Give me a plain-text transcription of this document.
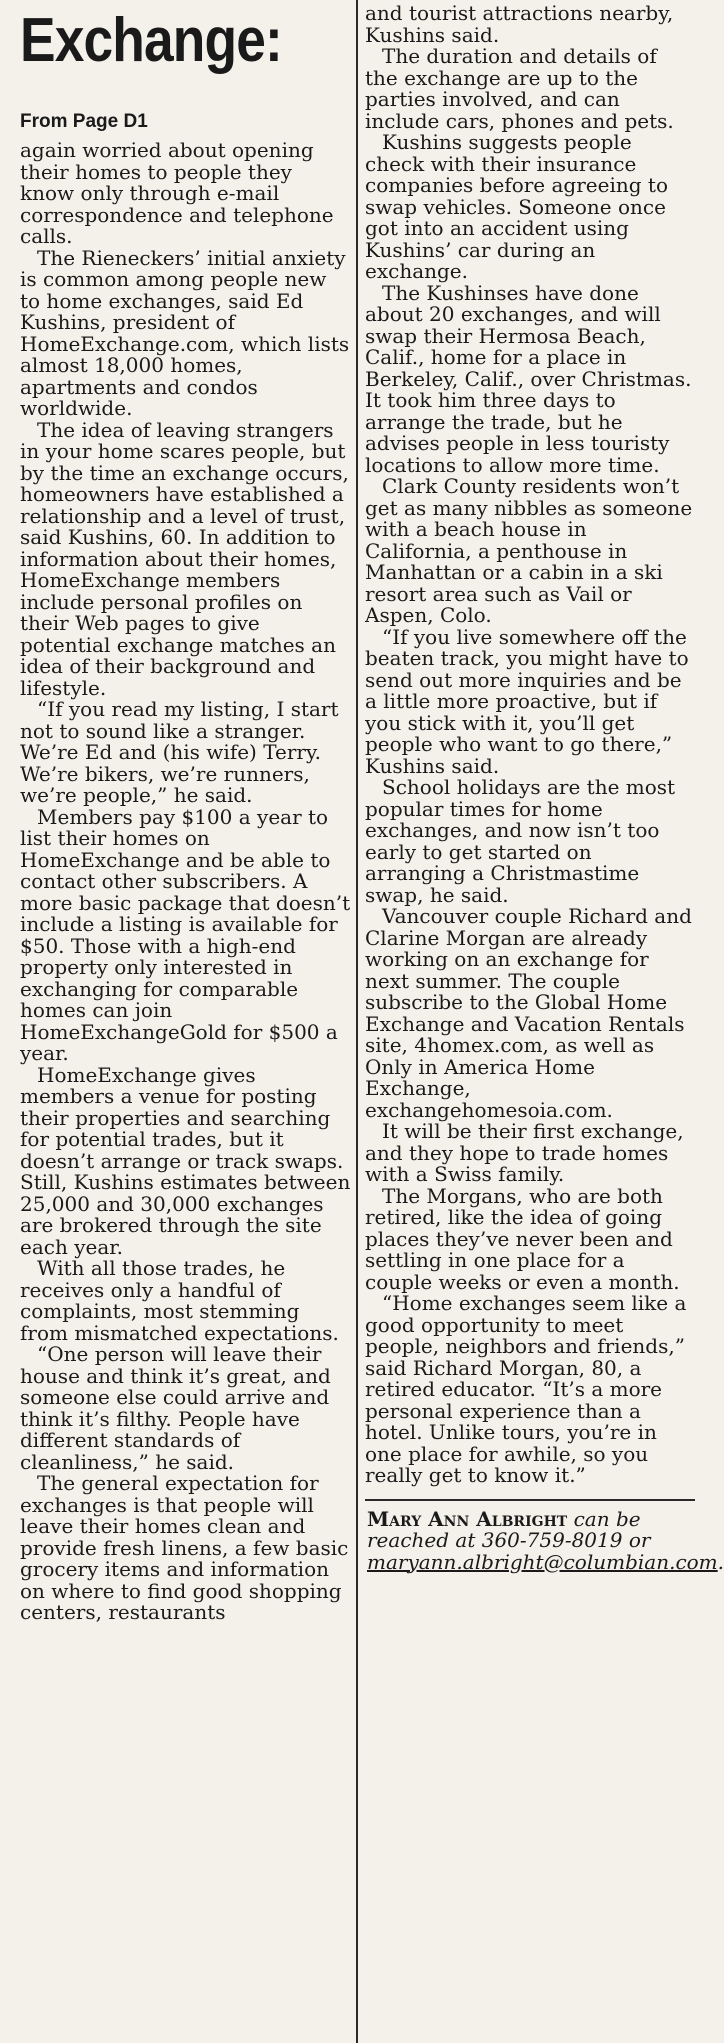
Exchange:
From Page D1

again worried about opening their homes to people they know only through e-mail correspondence and telephone calls.

The Rieneckers’ initial anxiety is common among people new to home exchanges, said Ed Kushins, president of HomeExchange.com, which lists almost 18,000 homes, apartments and condos worldwide.

The idea of leaving strangers in your home scares people, but by the time an exchange occurs, homeowners have established a relationship and a level of trust, said Kushins, 60. In addition to information about their homes, HomeExchange members include personal profiles on their Web pages to give potential exchange matches an idea of their background and lifestyle.

“If you read my listing, I start not to sound like a stranger. We’re Ed and (his wife) Terry. We’re bikers, we’re runners, we’re people,” he said.

Members pay $100 a year to list their homes on HomeExchange and be able to contact other subscribers. A more basic package that doesn’t include a listing is available for $50. Those with a high-end property only interested in exchanging for comparable homes can join HomeExchangeGold for $500 a year.

HomeExchange gives members a venue for posting their properties and searching for potential trades, but it doesn’t arrange or track swaps. Still, Kushins estimates between 25,000 and 30,000 exchanges are brokered through the site each year.

With all those trades, he receives only a handful of complaints, most stemming from mismatched expectations.

“One person will leave their house and think it’s great, and someone else could arrive and think it’s filthy. People have different standards of cleanliness,” he said.

The general expectation for exchanges is that people will leave their homes clean and provide fresh linens, a few basic grocery items and information on where to find good shopping centers, restaurants

and tourist attractions nearby, Kushins said.

The duration and details of the exchange are up to the parties involved, and can include cars, phones and pets.

Kushins suggests people check with their insurance companies before agreeing to swap vehicles. Someone once got into an accident using Kushins’ car during an exchange.

The Kushinses have done about 20 exchanges, and will swap their Hermosa Beach, Calif., home for a place in Berkeley, Calif., over Christmas. It took him three days to arrange the trade, but he advises people in less touristy locations to allow more time.

Clark County residents won’t get as many nibbles as someone with a beach house in California, a penthouse in Manhattan or a cabin in a ski resort area such as Vail or Aspen, Colo.

“If you live somewhere off the beaten track, you might have to send out more inquiries and be a little more proactive, but if you stick with it, you’ll get people who want to go there,” Kushins said.

School holidays are the most popular times for home exchanges, and now isn’t too early to get started on arranging a Christmastime swap, he said.

Vancouver couple Richard and Clarine Morgan are already working on an exchange for next summer. The couple subscribe to the Global Home Exchange and Vacation Rentals site, 4homex.com, as well as Only in America Home Exchange, exchangehomesoia.com.

It will be their first exchange, and they hope to trade homes with a Swiss family.

The Morgans, who are both retired, like the idea of going places they’ve never been and settling in one place for a couple weeks or even a month.

“Home exchanges seem like a good opportunity to meet people, neighbors and friends,” said Richard Morgan, 80, a retired educator. “It’s a more personal experience than a hotel. Unlike tours, you’re in one place for awhile, so you really get to know it.”

Mary Ann Albright can be reached at 360-759-8019 or maryann.albright@columbian.com.
